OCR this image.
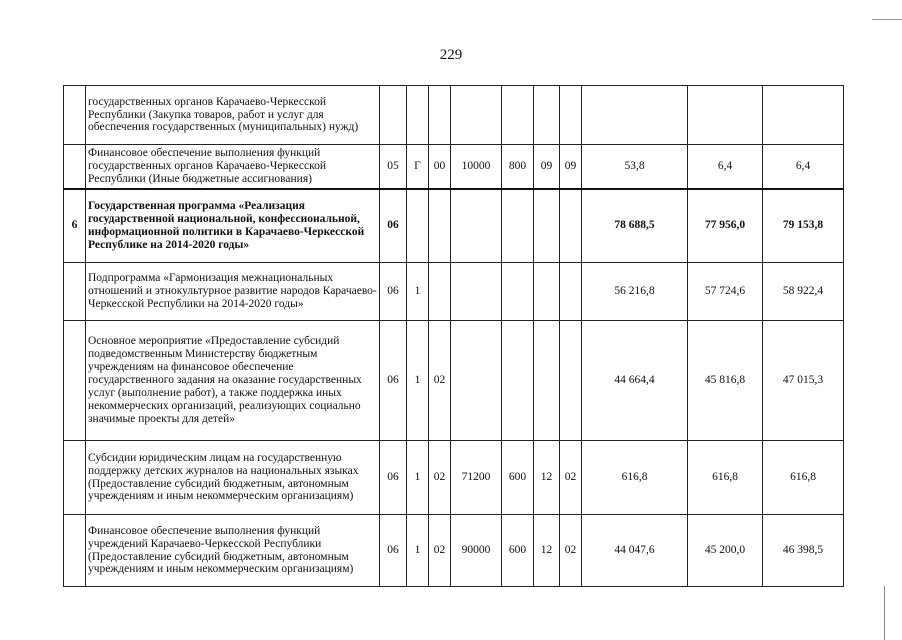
229
	государственных органов Карачаево-Черкесской Республики (Закупка товаров, работ и услуг для обеспечения государственных (муниципальных) нужд)										
	Финансовое обеспечение выполнения функций государственных органов Карачаево-Черкесской Республики (Иные бюджетные ассигнования)	05	Г	00	10000	800	09	09	53,8	6,4	6,4
6	Государственная программа «Реализация государственной национальной, конфессиональной, информационной политики в Карачаево-Черкесской Республике на 2014-2020 годы»	06							78 688,5	77 956,0	79 153,8
	Подпрограмма «Гармонизация межнациональных отношений и этнокультурное развитие народов Карачаево-Черкесской Республики на 2014-2020 годы»	06	1						56 216,8	57 724,6	58 922,4
	Основное мероприятие «Предоставление субсидий подведомственным Министерству бюджетным учреждениям на финансовое обеспечение государственного задания на оказание государственных услуг (выполнение работ), а также поддержка иных некоммерческих организаций, реализующих социально значимые проекты для детей»	06	1	02					44 664,4	45 816,8	47 015,3
	Субсидии юридическим лицам на государственную поддержку детских журналов на национальных языках (Предоставление субсидий бюджетным, автономным учреждениям и иным некоммерческим организациям)	06	1	02	71200	600	12	02	616,8	616,8	616,8
	Финансовое обеспечение выполнения функций учреждений Карачаево-Черкесской Республики (Предоставление субсидий бюджетным, автономным учреждениям и иным некоммерческим организациям)	06	1	02	90000	600	12	02	44 047,6	45 200,0	46 398,5
